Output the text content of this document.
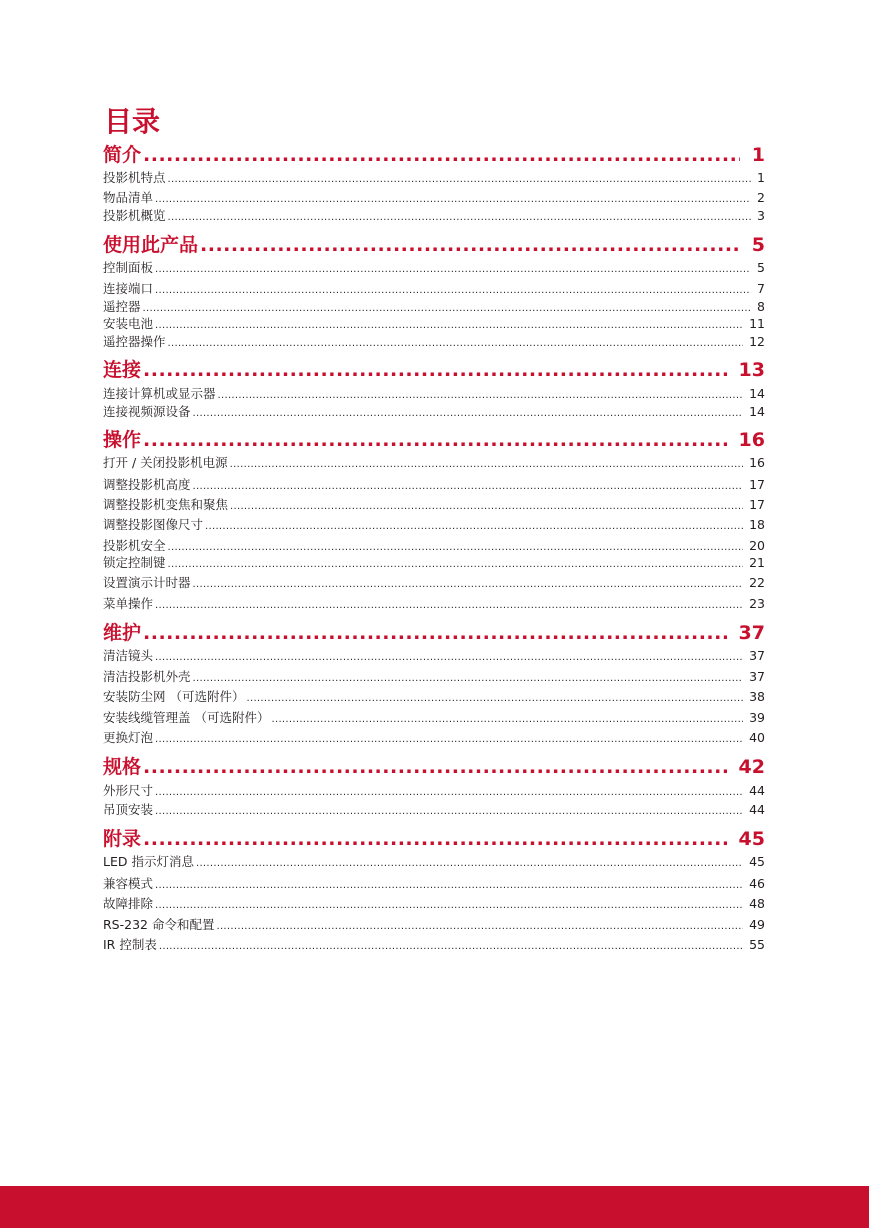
目录
简介 .....	1
投影机特点 .....	1
物品清单 .....	2
投影机概览 .....	3
使用此产品 .....	5
控制面板 .....	5
连接端口 .....	7
遥控器 .....	8
安装电池 .....	11
遥控器操作 .....	12
连接 .....	13
连接计算机或显示器 .....	14
连接视频源设备 .....	14
操作 .....	16
打开 / 关闭投影机电源 .....	16
调整投影机高度 .....	17
调整投影机变焦和聚焦 .....	17
调整投影图像尺寸 .....	18
投影机安全 .....	20
锁定控制键 .....	21
设置演示计时器 .....	22
菜单操作 .....	23
维护 .....	37
清洁镜头 .....	37
清洁投影机外壳 .....	37
安装防尘网 （可选附件） .....	38
安装线缆管理盖 （可选附件） .....	39
更换灯泡 .....	40
规格 .....	42
外形尺寸 .....	44
吊顶安装 .....	44
附录 .....	45
LED 指示灯消息 .....	45
兼容模式 .....	46
故障排除 .....	48
RS-232 命令和配置 .....	49
IR 控制表 .....	55
